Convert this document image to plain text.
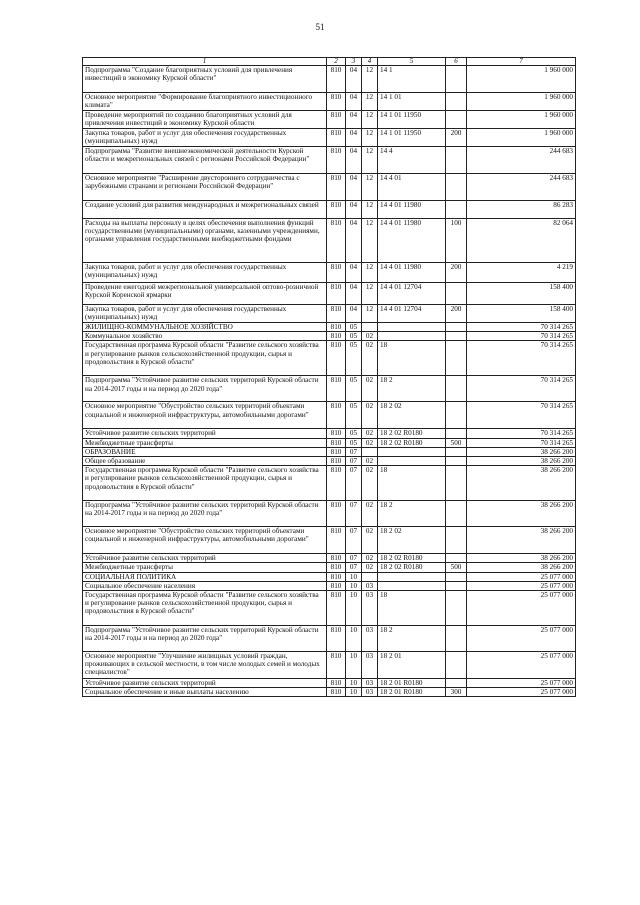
51
1	2	3	4	5	6	7
Подпрограмма "Создание благоприятных условий для привлечения инвестиций в экономику Курской области"	810	04	12	14 1		1 960 000
Основное мероприятие "Формирование благоприятного инвестиционного климата"	810	04	12	14 1 01		1 960 000
Проведение мероприятий по созданию благоприятных условий для привлечения инвестиций в экономику Курской области	810	04	12	14 1 01 11950		1 960 000
Закупка товаров, работ и услуг для обеспечения государственных (муниципальных) нужд	810	04	12	14 1 01 11950	200	1 960 000
Подпрограмма "Развитие внешнеэкономической деятельности Курской области и межрегиональных связей с регионами Российской Федерации"	810	04	12	14 4		244 683
Основное мероприятие "Расширение двустороннего сотрудничества с зарубежными странами и регионами Российской Федерации"	810	04	12	14 4 01		244 683
Создание условий для развития международных и межрегиональных связей	810	04	12	14 4 01 11980		86 283
Расходы на выплаты персоналу в целях обеспечения выполнения функций государственными (муниципальными) органами, казенными учреждениями, органами управления государственными внебюджетными фондами	810	04	12	14 4 01 11980	100	82 064
Закупка товаров, работ и услуг для обеспечения государственных (муниципальных) нужд	810	04	12	14 4 01 11980	200	4 219
Проведение ежегодной межрегиональной универсальной оптово-розничной Курской Коренской ярмарки	810	04	12	14 4 01 12704		158 400
Закупка товаров, работ и услуг для обеспечения государственных (муниципальных) нужд	810	04	12	14 4 01 12704	200	158 400
ЖИЛИЩНО-КОММУНАЛЬНОЕ ХОЗЯЙСТВО	810	05				70 314 265
Коммунальное хозяйство	810	05	02			70 314 265
Государственная программа Курской области "Развитие сельского хозяйства и регулирование рынков сельскохозяйственной продукции, сырья и продовольствия в Курской области"	810	05	02	18		70 314 265
Подпрограмма "Устойчивое развитие сельских территорий Курской области на 2014-2017 годы и на период до 2020 года"	810	05	02	18 2		70 314 265
Основное мероприятие "Обустройство сельских территорий объектами социальной и инженерной инфраструктуры, автомобильными дорогами"	810	05	02	18 2 02		70 314 265
Устойчивое развитие сельских территорий	810	05	02	18 2 02 R0180		70 314 265
Межбюджетные трансферты	810	05	02	18 2 02 R0180	500	70 314 265
ОБРАЗОВАНИЕ	810	07				38 266 200
Общее образование	810	07	02			38 266 200
Государственная программа Курской области "Развитие сельского хозяйства и регулирование рынков сельскохозяйственной продукции, сырья и продовольствия в Курской области"	810	07	02	18		38 266 200
Подпрограмма "Устойчивое развитие сельских территорий Курской области на 2014-2017 годы и на период до 2020 года"	810	07	02	18 2		38 266 200
Основное мероприятие "Обустройство сельских территорий объектами социальной и инженерной инфраструктуры, автомобильными дорогами"	810	07	02	18 2 02		38 266 200
Устойчивое развитие сельских территорий	810	07	02	18 2 02 R0180		38 266 200
Межбюджетные трансферты	810	07	02	18 2 02 R0180	500	38 266 200
СОЦИАЛЬНАЯ ПОЛИТИКА	810	10				25 077 000
Социальное обеспечение населения	810	10	03			25 077 000
Государственная программа Курской области "Развитие сельского хозяйства и регулирование рынков сельскохозяйственной продукции, сырья и продовольствия в Курской области"	810	10	03	18		25 077 000
Подпрограмма "Устойчивое развитие сельских территорий Курской области на 2014-2017 годы и на период до 2020 года"	810	10	03	18 2		25 077 000
Основное мероприятие "Улучшение жилищных условий граждан, проживающих в сельской местности, в том числе молодых семей и молодых специалистов"	810	10	03	18 2 01		25 077 000
Устойчивое развитие сельских территорий	810	10	03	18 2 01 R0180		25 077 000
Социальное обеспечение и иные выплаты населению	810	10	03	18 2 01 R0180	300	25 077 000
